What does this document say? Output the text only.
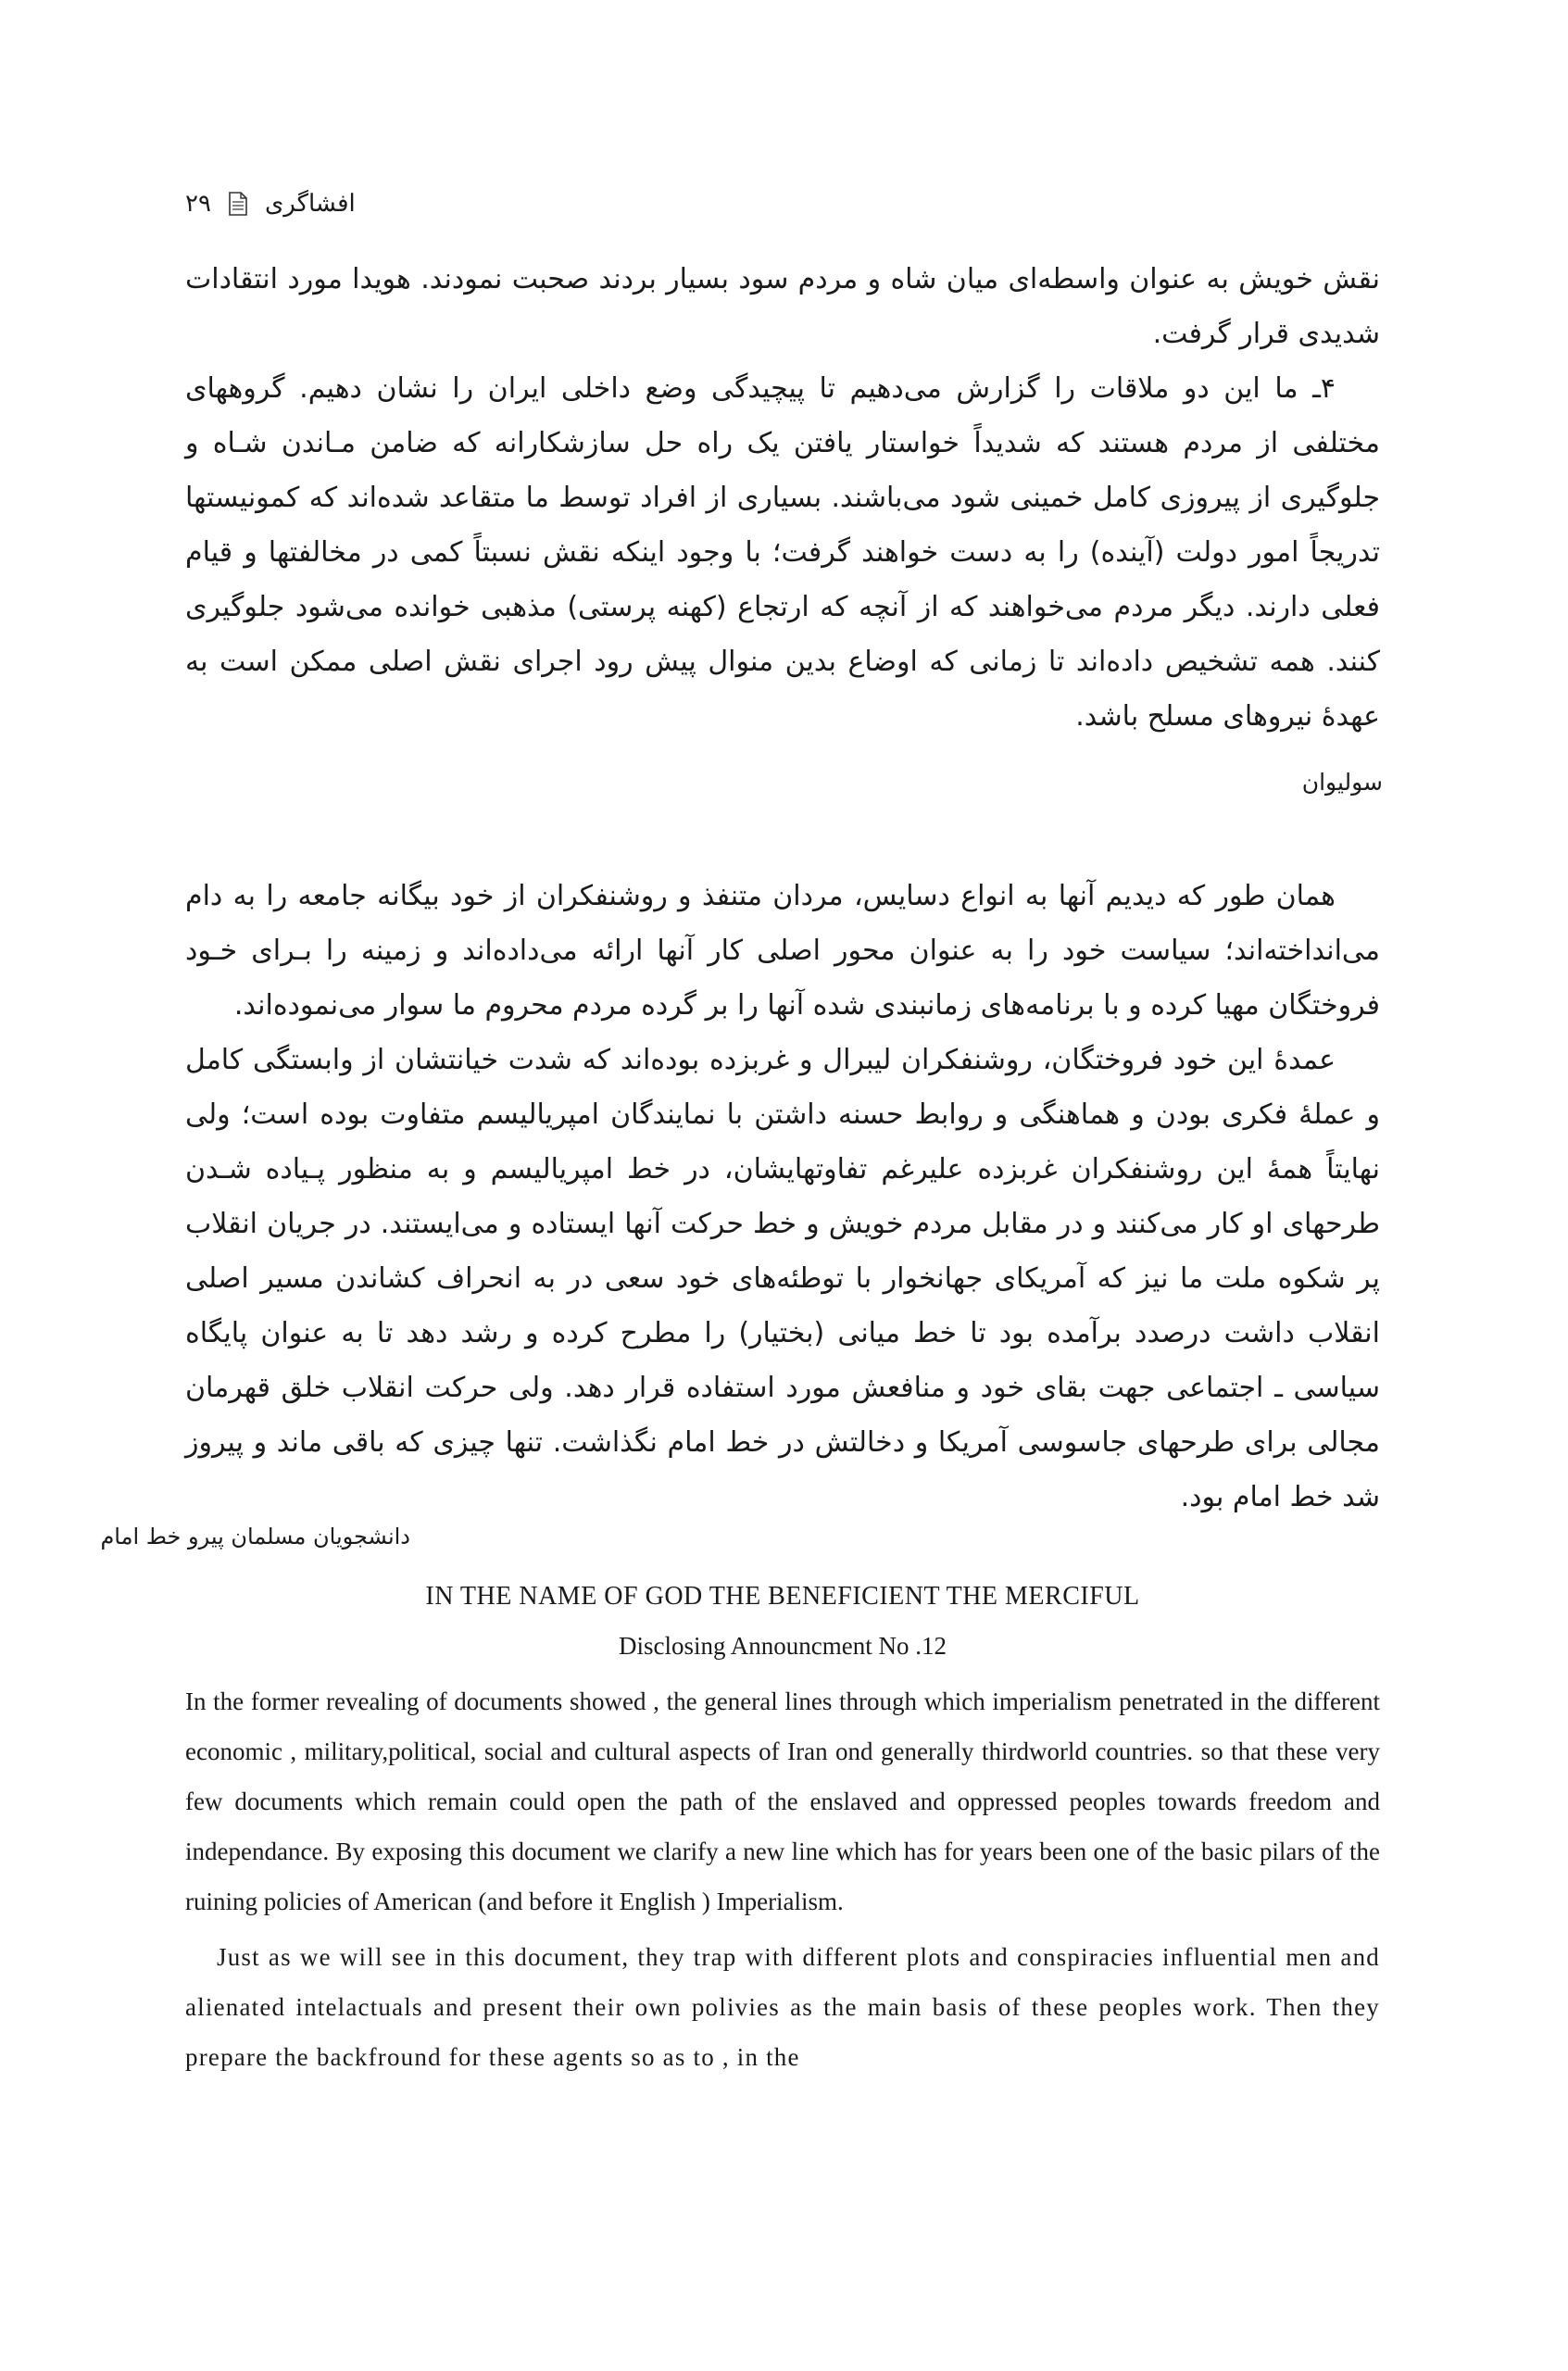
۲۹ افشاگری

نقش خویش به عنوان واسطه‌ای میان شاه و مردم سود بسیار بردند صحبت نمودند. هویدا مورد انتقادات شدیدی قرار گرفت.

۴ـ ما این دو ملاقات را گزارش می‌دهیم تا پیچیدگی وضع داخلی ایران را نشان دهیم. گروههای مختلفی از مردم هستند که شدیداً خواستار یافتن یک راه حل سازشکارانه که ضامن مـاندن شـاه و جلوگیری از پیروزی کامل خمینی شود می‌باشند. بسیاری از افراد توسط ما متقاعد شده‌اند که کمونیستها تدریجاً امور دولت (آینده) را به دست خواهند گرفت؛ با وجود اینکه نقش نسبتاً کمی در مخالفتها و قیام فعلی دارند. دیگر مردم می‌خواهند که از آنچه که ارتجاع (کهنه پرستی) مذهبی خوانده می‌شود جلوگیری کنند. همه تشخیص داده‌اند تا زمانی که اوضاع بدین منوال پیش رود اجرای نقش اصلی ممکن است به عهدهٔ نیروهای مسلح باشد.

سولیوان

همان طور که دیدیم آنها به انواع دسایس، مردان متنفذ و روشنفکران از خود بیگانه جامعه را به دام می‌انداخته‌اند؛ سیاست خود را به عنوان محور اصلی کار آنها ارائه می‌داده‌اند و زمینه را بـرای خـود فروختگان مهیا کرده و با برنامه‌های زمانبندی شده آنها را بر گرده مردم محروم ما سوار می‌نموده‌اند.

عمدهٔ این خود فروختگان، روشنفکران لیبرال و غربزده بوده‌اند که شدت خیانتشان از وابستگی کامل و عملهٔ فکری بودن و هماهنگی و روابط حسنه داشتن با نمایندگان امپریالیسم متفاوت بوده است؛ ولی نهایتاً همهٔ این روشنفکران غربزده علیرغم تفاوتهایشان، در خط امپریالیسم و به منظور پـیاده شـدن طرحهای او کار می‌کنند و در مقابل مردم خویش و خط حرکت آنها ایستاده و می‌ایستند. در جریان انقلاب پر شکوه ملت ما نیز که آمریکای جهانخوار با توطئه‌های خود سعی در به انحراف کشاندن مسیر اصلی انقلاب داشت درصدد برآمده بود تا خط میانی (بختیار) را مطرح کرده و رشد دهد تا به عنوان پایگاه سیاسی ـ اجتماعی جهت بقای خود و منافعش مورد استفاده قرار دهد. ولی حرکت انقلاب خلق قهرمان مجالی برای طرحهای جاسوسی آمریکا و دخالتش در خط امام نگذاشت. تنها چیزی که باقی ماند و پیروز شد خط امام بود.

دانشجویان مسلمان پیرو خط امام
IN THE NAME OF GOD THE BENEFICIENT THE MERCIFUL
Disclosing Announcment No .12

In the former revealing of documents showed , the general lines through which imperialism penetrated in the different economic , military,political, social and cultural aspects of Iran ond generally thirdworld countries. so that these very few documents which remain could open the path of the enslaved and oppressed peoples towards freedom and independance. By exposing this document we clarify a new line which has for years been one of the basic pilars of the ruining policies of American (and before it English ) Imperialism.

Just as we will see in this document, they trap with different plots and conspiracies influential men and alienated intelactuals and present their own polivies as the main basis of these peoples work. Then they prepare the backfround for these agents so as to , in the
